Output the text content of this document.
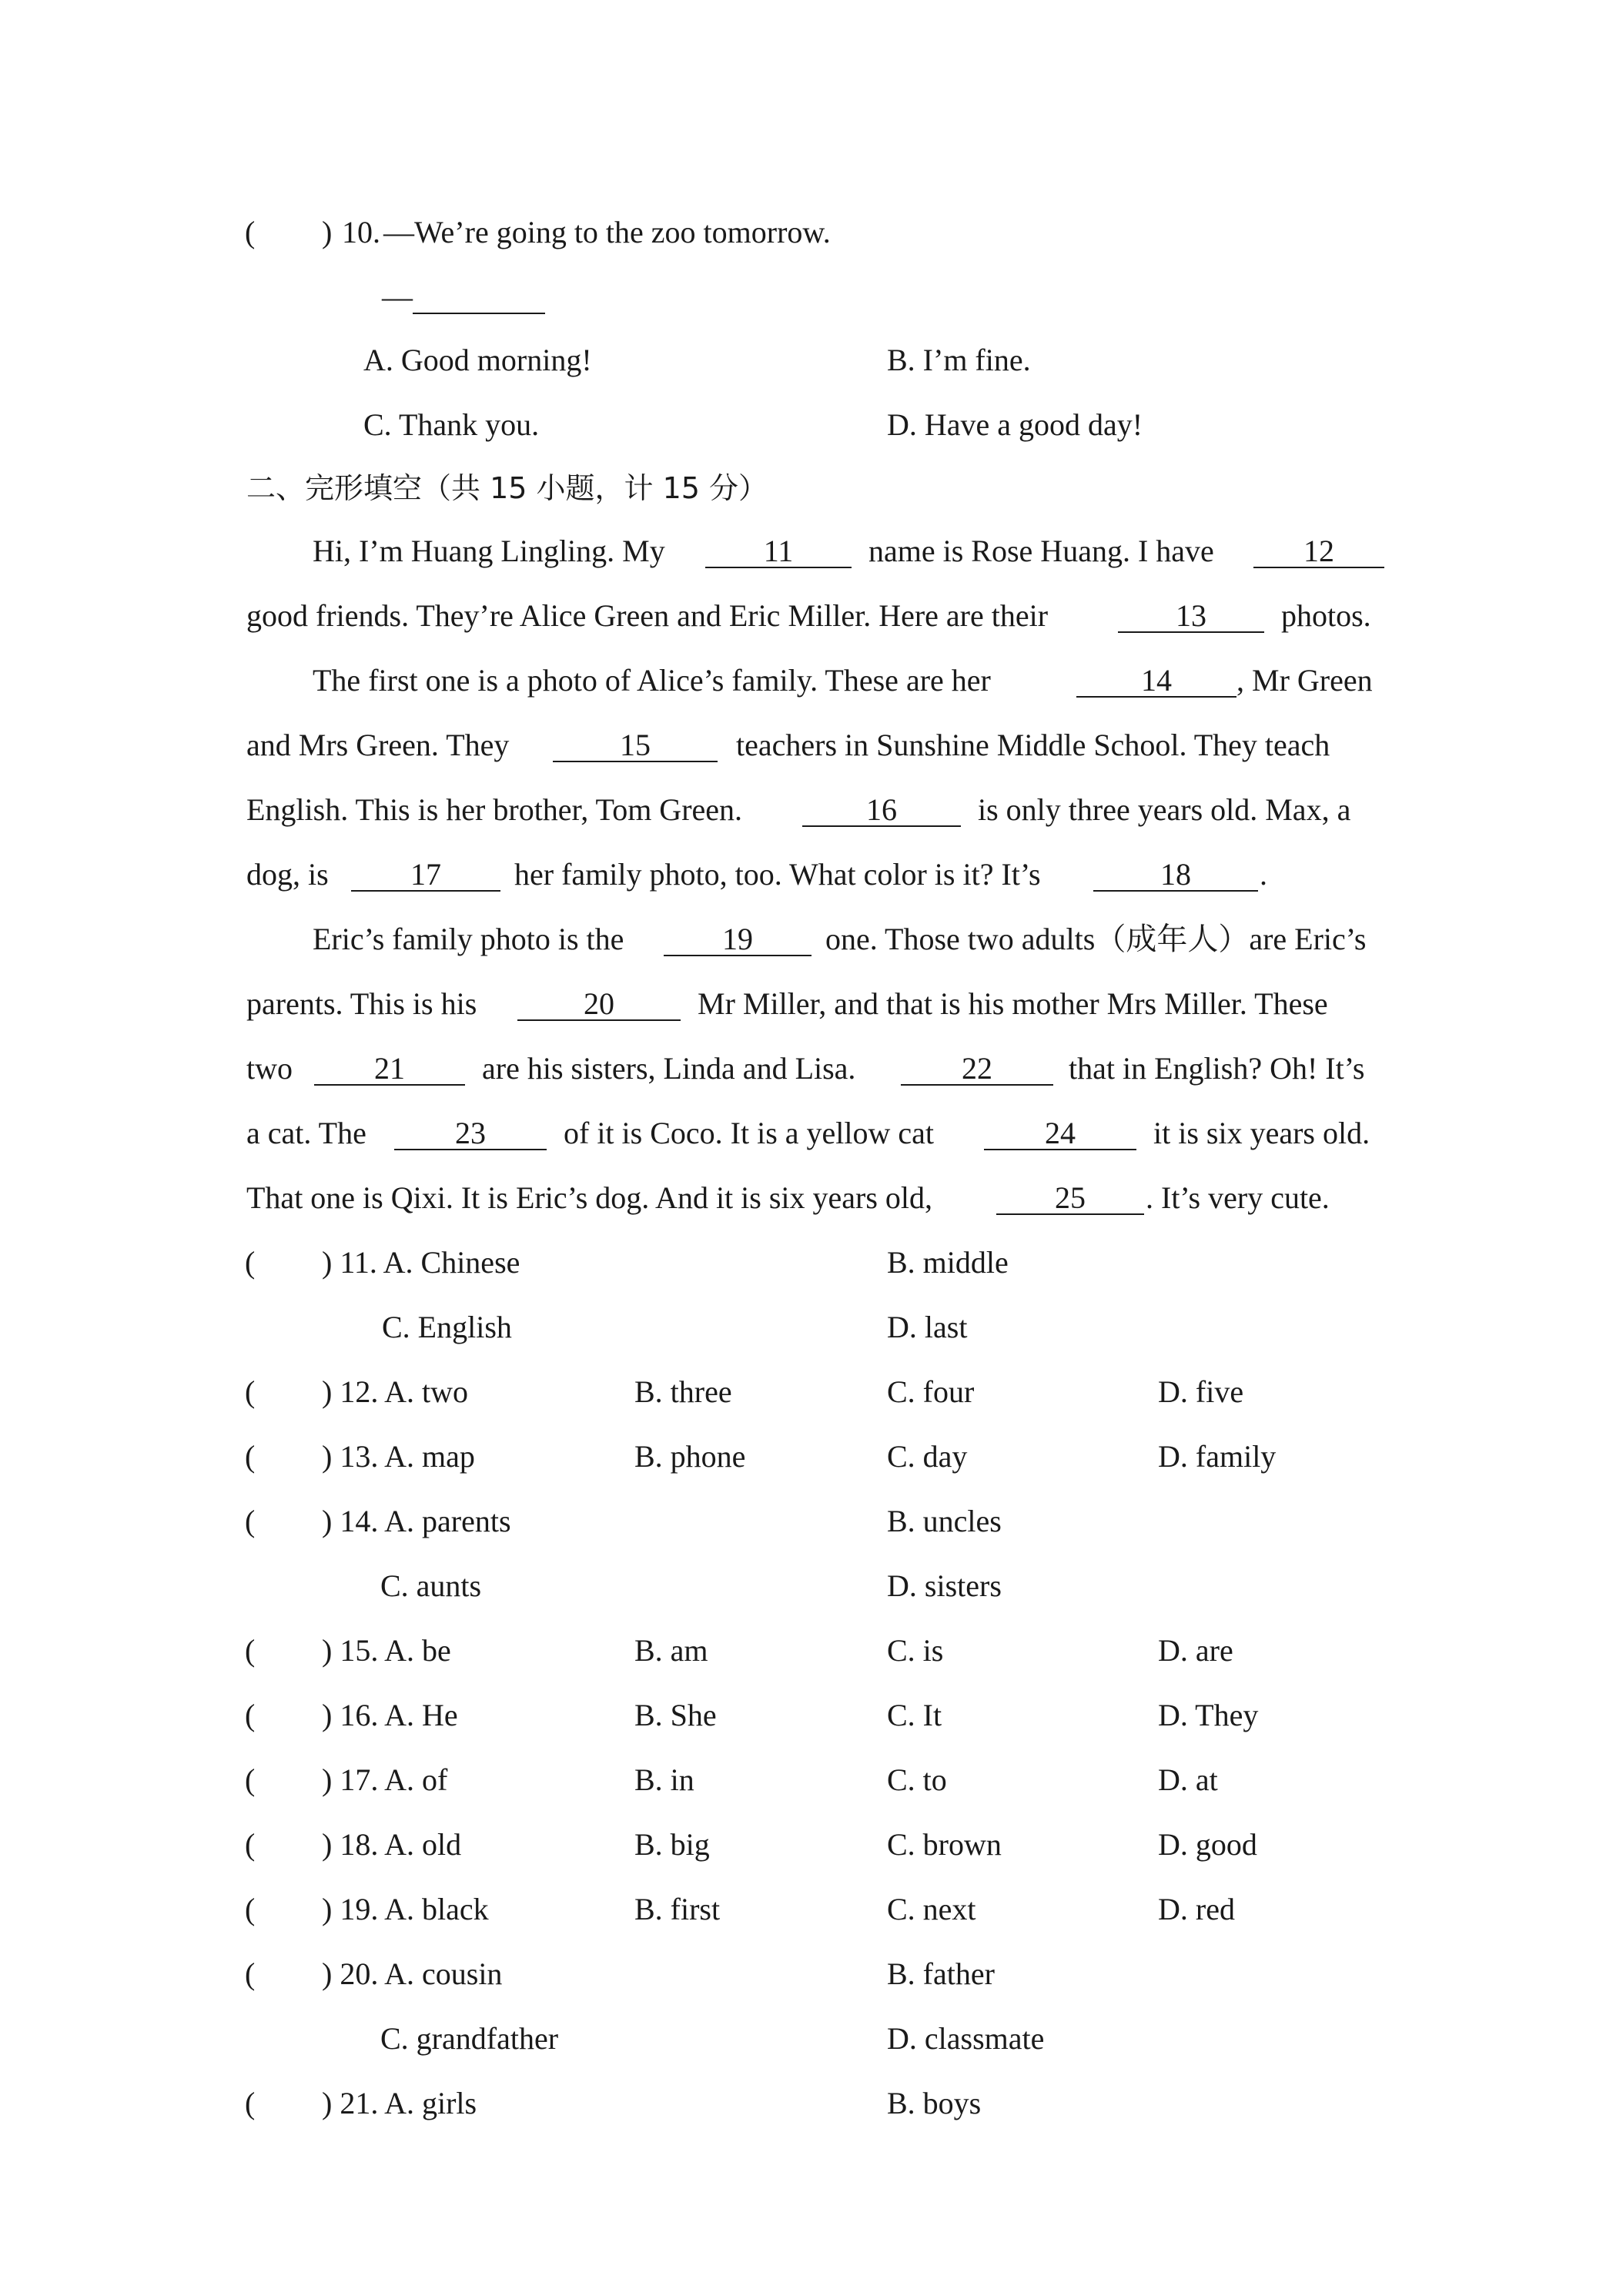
( ) 10. —We’re going to the zoo tomorrow.
—
A. Good morning!	B. I’m fine.
C. Thank you.	D. Have a good day!
二、完形填空（共 15 小题，计 15 分）
Hi, I’m Huang Lingling. My	11	name is Rose Huang. I have	12
good friends. They’re Alice Green and Eric Miller. Here are their	13	photos.
The first one is a photo of Alice’s family. These are her	14	, Mr Green
and Mrs Green. They	15	teachers in Sunshine Middle School. They teach
English. This is her brother, Tom Green.	16	is only three years old. Max, a
dog, is	17	her family photo, too. What color is it? It’s	18	.
Eric’s family photo is the	19	one. Those two adults（成年人）are Eric’s
parents. This is his	20	Mr Miller, and that is his mother Mrs Miller. These
two	21	are his sisters, Linda and Lisa.	22	that in English? Oh! It’s
a cat. The	23	of it is Coco. It is a yellow cat	24	it is six years old.
That one is Qixi. It is Eric’s dog. And it is six years old,	25	. It’s very cute.
( ) 11. A. Chinese	B. middle
C. English	D. last
( ) 12. A. two	B. three	C. four	D. five
( ) 13. A. map	B. phone	C. day	D. family
( ) 14. A. parents	B. uncles
C. aunts	D. sisters
( ) 15. A. be	B. am	C. is	D. are
( ) 16. A. He	B. She	C. It	D. They
( ) 17. A. of	B. in	C. to	D. at
( ) 18. A. old	B. big	C. brown	D. good
( ) 19. A. black	B. first	C. next	D. red
( ) 20. A. cousin	B. father
C. grandfather	D. classmate
( ) 21. A. girls	B. boys
